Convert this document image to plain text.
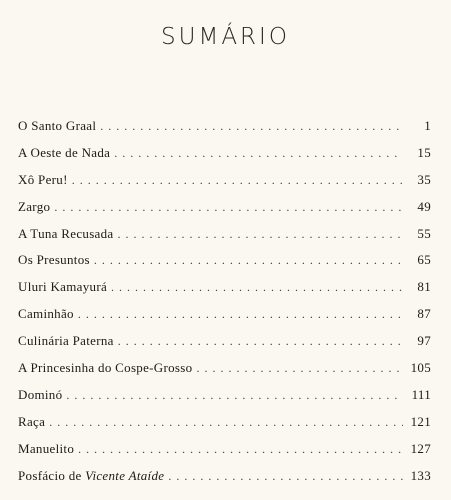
SUMÁRIO
O Santo Graal . . .	1
A Oeste de Nada . . .	15
Xô Peru! . . .	35
Zargo . . .	49
A Tuna Recusada . . .	55
Os Presuntos . . .	65
Uluri Kamayurá . . .	81
Caminhão . . .	87
Culinária Paterna . . .	97
A Princesinha do Cospe-Grosso . . .	105
Dominó . . .	111
Raça . . .	121
Manuelito . . .	127
Posfácio de Vicente Ataíde . . .	133
